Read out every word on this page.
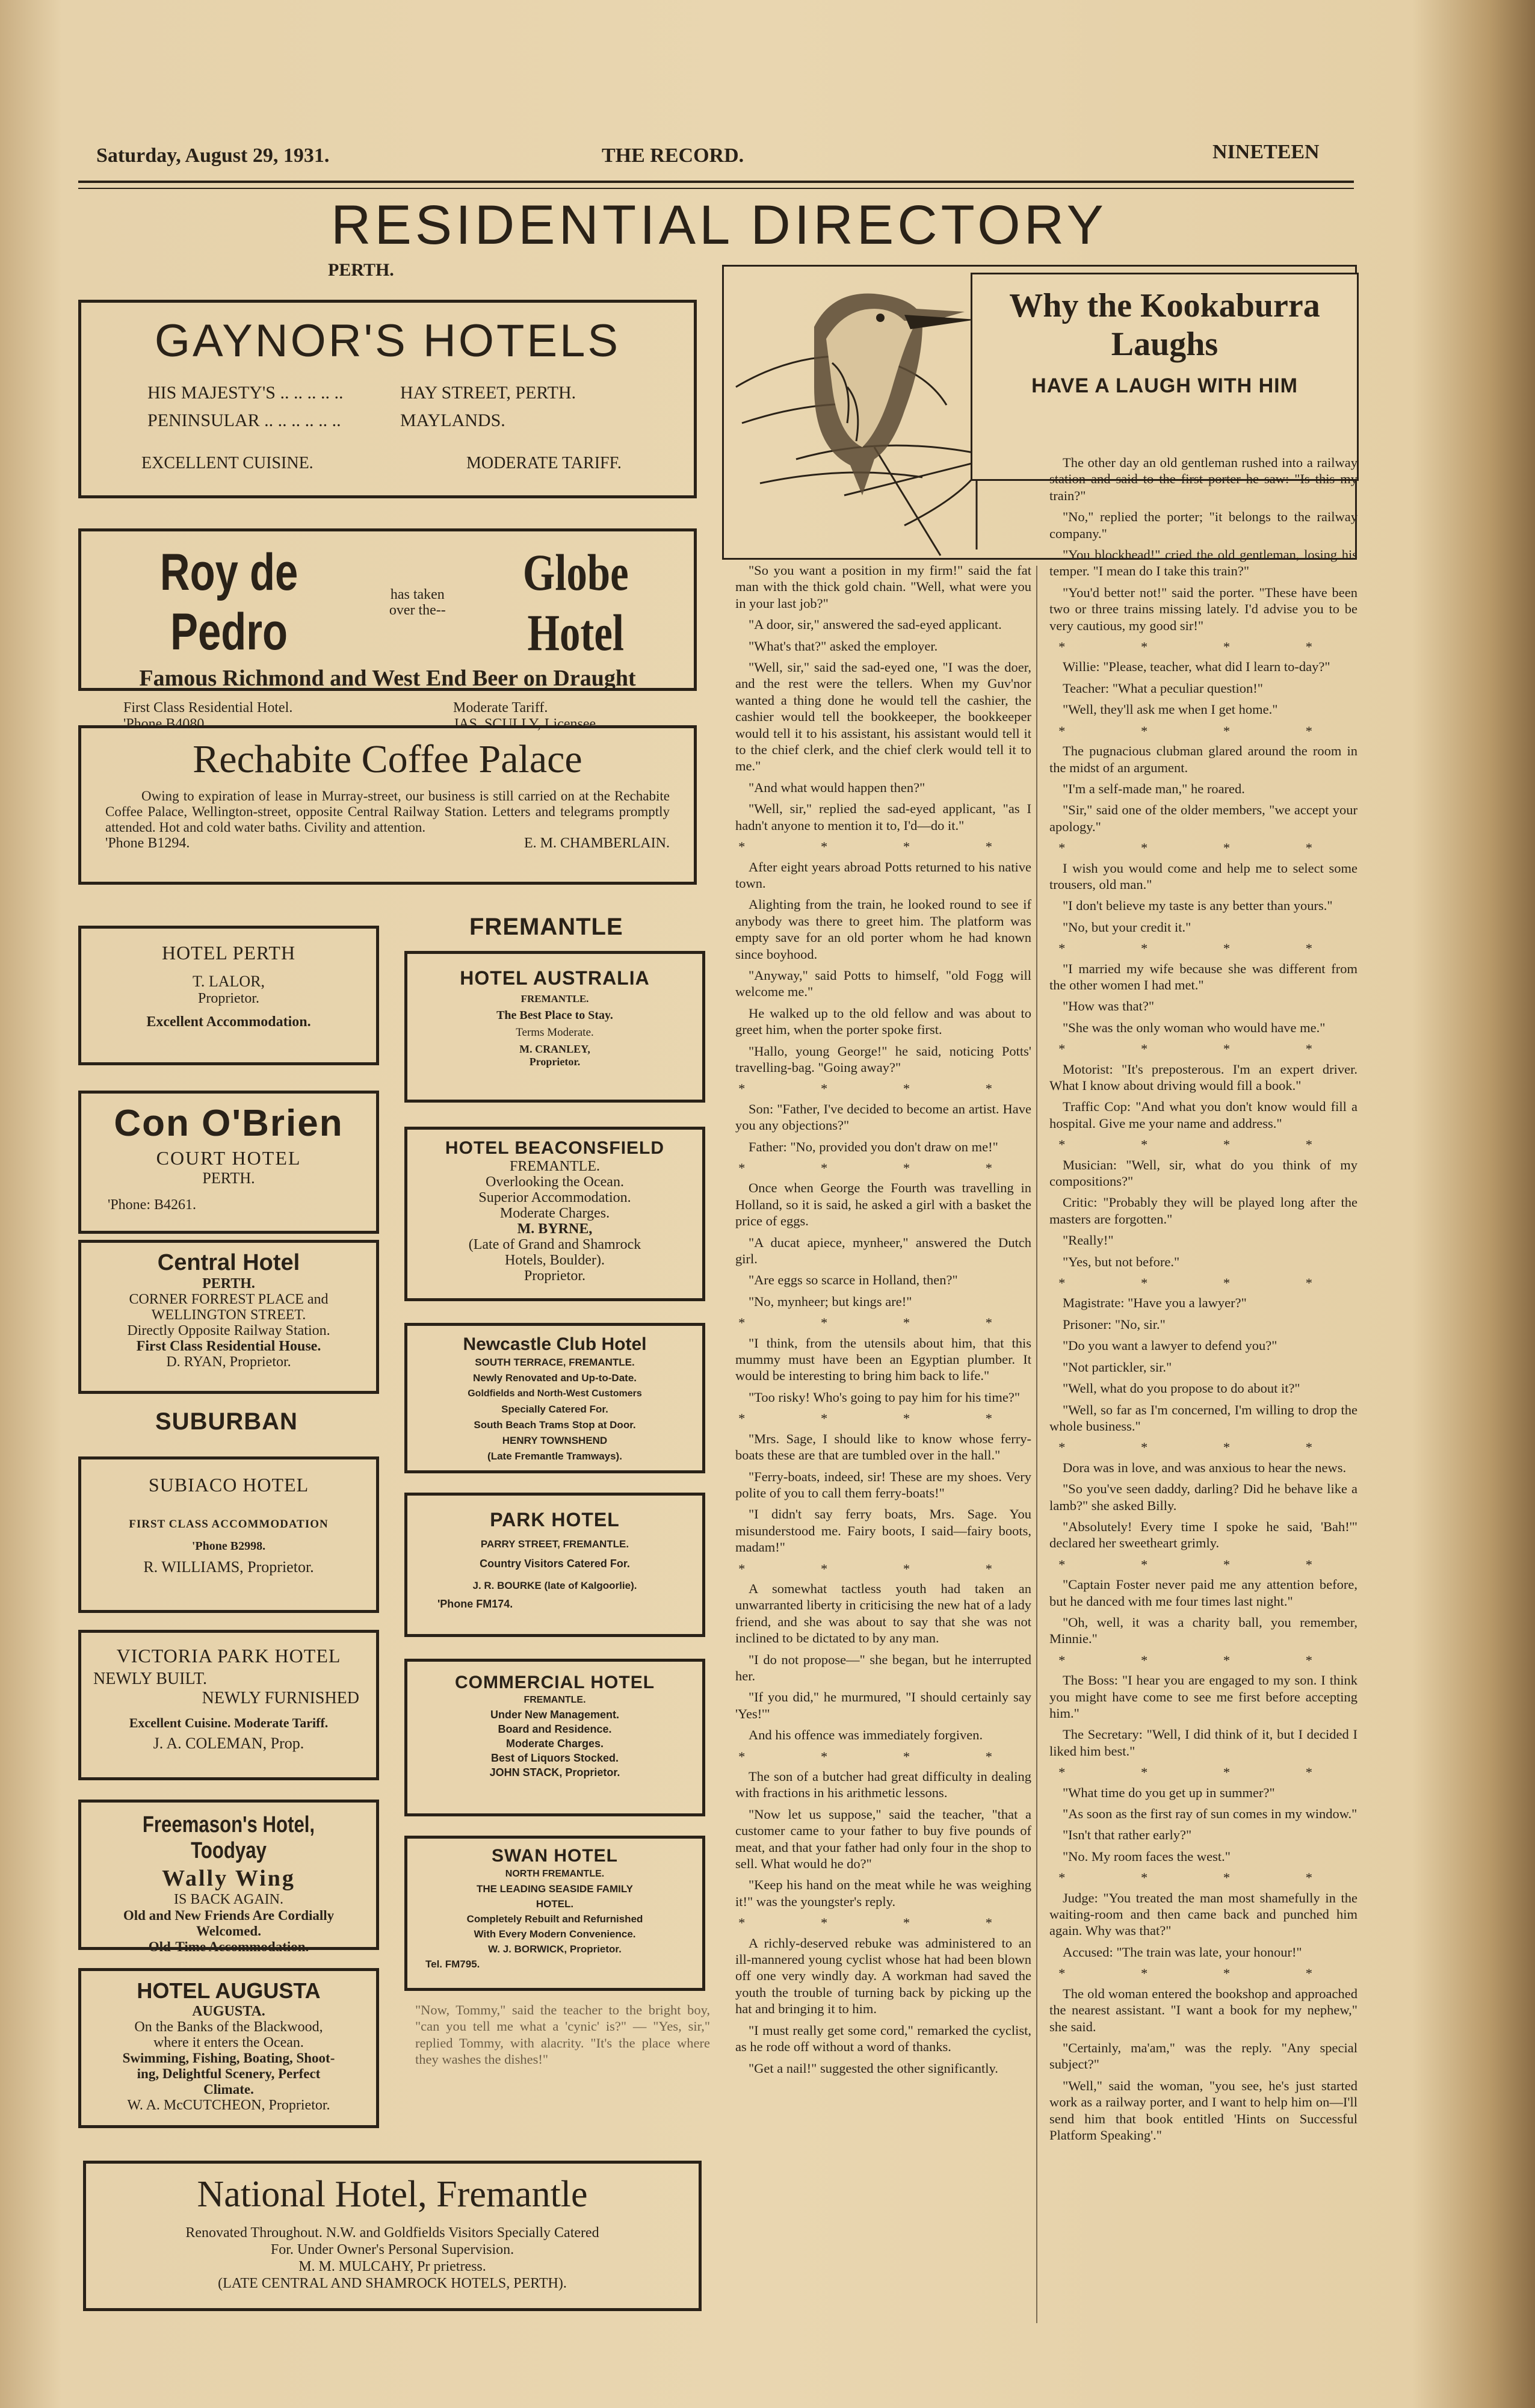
Saturday, August 29, 1931.	THE RECORD.	NINETEEN
RESIDENTIAL DIRECTORY
PERTH.
GAYNOR'S HOTELS
HIS MAJESTY'S .. .. .. .. ..	HAY STREET, PERTH.
PENINSULAR .. .. .. .. .. ..	MAYLANDS.
EXCELLENT CUISINE.	MODERATE TARIFF.
Roy de Pedro
has taken over the--
Globe Hotel
Famous Richmond and West End Beer on Draught
First Class Residential Hotel.	Moderate Tariff.
'Phone B4080.	JAS. SCULLY, Licensee.
Rechabite Coffee Palace
Owing to expiration of lease in Murray-street, our business is still carried on at the Rechabite Coffee Palace, Wellington-street, opposite Central Railway Station. Letters and telegrams promptly attended. Hot and cold water baths. Civility and attention.
'Phone B1294.	E. M. CHAMBERLAIN.
HOTEL PERTH
T. LALOR,
Proprietor.
Excellent Accommodation.
Con O'Brien
COURT HOTEL
PERTH.
'Phone: B4261.
Central Hotel
PERTH.
CORNER FORREST PLACE and
WELLINGTON STREET.
Directly Opposite Railway Station.
First Class Residential House.
D. RYAN, Proprietor.
SUBURBAN
SUBIACO HOTEL
FIRST CLASS ACCOMMODATION
'Phone B2998.
R. WILLIAMS, Proprietor.
VICTORIA PARK HOTEL
NEWLY BUILT.
NEWLY FURNISHED
Excellent Cuisine. Moderate Tariff.
J. A. COLEMAN, Prop.
Freemason's Hotel, Toodyay
Wally Wing
IS BACK AGAIN.
Old and New Friends Are Cordially
Welcomed.
Old-Time Accommodation.
HOTEL AUGUSTA
AUGUSTA.
On the Banks of the Blackwood,
where it enters the Ocean.
Swimming, Fishing, Boating, Shoot-
ing, Delightful Scenery, Perfect
Climate.
W. A. McCUTCHEON, Proprietor.
FREMANTLE
HOTEL AUSTRALIA
FREMANTLE.
The Best Place to Stay.
Terms Moderate.
M. CRANLEY,
Proprietor.
HOTEL BEACONSFIELD
FREMANTLE.
Overlooking the Ocean.
Superior Accommodation.
Moderate Charges.
M. BYRNE,
(Late of Grand and Shamrock
Hotels, Boulder).
Proprietor.
Newcastle Club Hotel
SOUTH TERRACE, FREMANTLE.
Newly Renovated and Up-to-Date.
Goldfields and North-West Customers
Specially Catered For.
South Beach Trams Stop at Door.
HENRY TOWNSHEND
(Late Fremantle Tramways).
PARK HOTEL
PARRY STREET, FREMANTLE.
Country Visitors Catered For.
J. R. BOURKE (late of Kalgoorlie).
'Phone FM174.
COMMERCIAL HOTEL
FREMANTLE.
Under New Management.
Board and Residence.
Moderate Charges.
Best of Liquors Stocked.
JOHN STACK, Proprietor.
SWAN HOTEL
NORTH FREMANTLE.
THE LEADING SEASIDE FAMILY
HOTEL.
Completely Rebuilt and Refurnished
With Every Modern Convenience.
W. J. BORWICK, Proprietor.
Tel. FM795.
"Now, Tommy," said the teacher to the bright boy, "can you tell me what a 'cynic' is?" — "Yes, sir," replied Tommy, with alacrity. "It's the place where they washes the dishes!"
National Hotel, Fremantle
Renovated Throughout. N.W. and Goldfields Visitors Specially Catered
For. Under Owner's Personal Supervision.
M. M. MULCAHY, Pr prietress.
(LATE CENTRAL AND SHAMROCK HOTELS, PERTH).
Why the Kookaburra
Laughs
HAVE A LAUGH WITH HIM

"So you want a position in my firm!" said the fat man with the thick gold chain. "Well, what were you in your last job?"

"A door, sir," answered the sad-eyed applicant.

"What's that?" asked the employer.

"Well, sir," said the sad-eyed one, "I was the doer, and the rest were the tellers. When my Guv'nor wanted a thing done he would tell the cashier, the cashier would tell the bookkeeper, the bookkeeper would tell it to his assistant, his assistant would tell it to the chief clerk, and the chief clerk would tell it to me."

"And what would happen then?"

"Well, sir," replied the sad-eyed applicant, "as I hadn't anyone to mention it to, I'd—do it."

* * * *

After eight years abroad Potts returned to his native town.

Alighting from the train, he looked round to see if anybody was there to greet him. The platform was empty save for an old porter whom he had known since boyhood.

"Anyway," said Potts to himself, "old Fogg will welcome me."

He walked up to the old fellow and was about to greet him, when the porter spoke first.

"Hallo, young George!" he said, noticing Potts' travelling-bag. "Going away?"

* * * *

Son: "Father, I've decided to become an artist. Have you any objections?"

Father: "No, provided you don't draw on me!"

* * * *

Once when George the Fourth was travelling in Holland, so it is said, he asked a girl with a basket the price of eggs.

"A ducat apiece, mynheer," answered the Dutch girl.

"Are eggs so scarce in Holland, then?"

"No, mynheer; but kings are!"

* * * *

"I think, from the utensils about him, that this mummy must have been an Egyptian plumber. It would be interesting to bring him back to life."

"Too risky! Who's going to pay him for his time?"

* * * *

"Mrs. Sage, I should like to know whose ferry-boats these are that are tumbled over in the hall."

"Ferry-boats, indeed, sir! These are my shoes. Very polite of you to call them ferry-boats!"

"I didn't say ferry boats, Mrs. Sage. You misunderstood me. Fairy boots, I said—fairy boots, madam!"

* * * *

A somewhat tactless youth had taken an unwarranted liberty in criticising the new hat of a lady friend, and she was about to say that she was not inclined to be dictated to by any man.

"I do not propose—" she began, but he interrupted her.

"If you did," he murmured, "I should certainly say 'Yes!'"

And his offence was immediately forgiven.

* * * *

The son of a butcher had great difficulty in dealing with fractions in his arithmetic lessons.

"Now let us suppose," said the teacher, "that a customer came to your father to buy five pounds of meat, and that your father had only four in the shop to sell. What would he do?"

"Keep his hand on the meat while he was weighing it!" was the youngster's reply.

* * * *

A richly-deserved rebuke was administered to an ill-mannered young cyclist whose hat had been blown off one very windly day. A workman had saved the youth the trouble of turning back by picking up the hat and bringing it to him.

"I must really get some cord," remarked the cyclist, as he rode off without a word of thanks.

"Get a nail!" suggested the other significantly.

The other day an old gentleman rushed into a railway station and said to the first porter he saw: "Is this my train?"

"No," replied the porter; "it belongs to the railway company."

"You blockhead!" cried the old gentleman, losing his temper. "I mean do I take this train?"

"You'd better not!" said the porter. "These have been two or three trains missing lately. I'd advise you to be very cautious, my good sir!"

* * * *

Willie: "Please, teacher, what did I learn to-day?"

Teacher: "What a peculiar question!"

"Well, they'll ask me when I get home."

* * * *

The pugnacious clubman glared around the room in the midst of an argument.

"I'm a self-made man," he roared.

"Sir," said one of the older members, "we accept your apology."

* * * *

I wish you would come and help me to select some trousers, old man."

"I don't believe my taste is any better than yours."

"No, but your credit it."

* * * *

"I married my wife because she was different from the other women I had met."

"How was that?"

"She was the only woman who would have me."

* * * *

Motorist: "It's preposterous. I'm an expert driver. What I know about driving would fill a book."

Traffic Cop: "And what you don't know would fill a hospital. Give me your name and address."

* * * *

Musician: "Well, sir, what do you think of my compositions?"

Critic: "Probably they will be played long after the masters are forgotten."

"Really!"

"Yes, but not before."

* * * *

Magistrate: "Have you a lawyer?"

Prisoner: "No, sir."

"Do you want a lawyer to defend you?"

"Not partickler, sir."

"Well, what do you propose to do about it?"

"Well, so far as I'm concerned, I'm willing to drop the whole business."

* * * *

Dora was in love, and was anxious to hear the news.

"So you've seen daddy, darling? Did he behave like a lamb?" she asked Billy.

"Absolutely! Every time I spoke he said, 'Bah!'" declared her sweetheart grimly.

* * * *

"Captain Foster never paid me any attention before, but he danced with me four times last night."

"Oh, well, it was a charity ball, you remember, Minnie."

* * * *

The Boss: "I hear you are engaged to my son. I think you might have come to see me first before accepting him."

The Secretary: "Well, I did think of it, but I decided I liked him best."

* * * *

"What time do you get up in summer?"

"As soon as the first ray of sun comes in my window."

"Isn't that rather early?"

"No. My room faces the west."

* * * *

Judge: "You treated the man most shamefully in the waiting-room and then came back and punched him again. Why was that?"

Accused: "The train was late, your honour!"

* * * *

The old woman entered the bookshop and approached the nearest assistant. "I want a book for my nephew," she said.

"Certainly, ma'am," was the reply. "Any special subject?"

"Well," said the woman, "you see, he's just started work as a railway porter, and I want to help him on—I'll send him that book entitled 'Hints on Successful Platform Speaking'."
